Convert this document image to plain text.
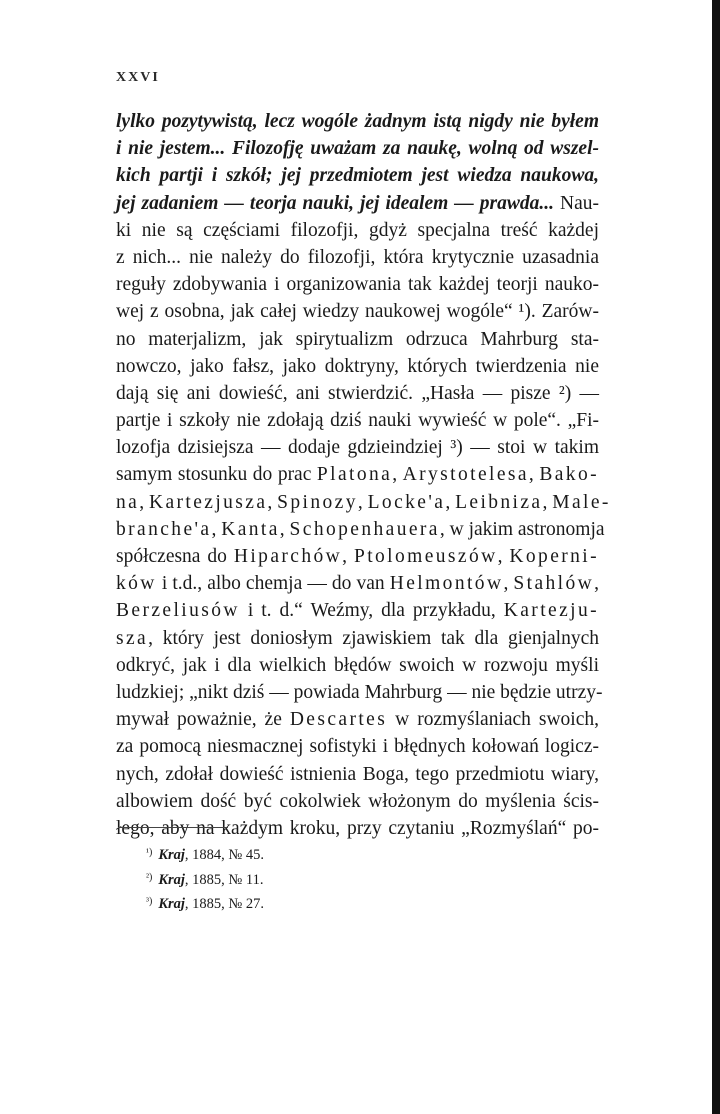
XXVI
lylko pozytywistą, lecz wogóle żadnym istą nigdy nie byłem
i nie jestem... Filozofję uważam za naukę, wolną od wszel-
kich partji i szkół; jej przedmiotem jest wiedza naukowa,
jej zadaniem — teorja nauki, jej idealem — prawda... Nau-
ki nie są częściami filozofji, gdyż specjalna treść każdej
z nich... nie należy do filozofji, która krytycznie uzasadnia
reguły zdobywania i organizowania tak każdej teorji nauko-
wej z osobna, jak całej wiedzy naukowej wogóle“ ¹). Zarów-
no materjalizm, jak spirytualizm odrzuca Mahrburg sta-
nowczo, jako fałsz, jako doktryny, których twierdzenia nie
dają się ani dowieść, ani stwierdzić. „Hasła — pisze ²) —
partje i szkoły nie zdołają dziś nauki wywieść w pole“. „Fi-
lozofja dzisiejsza — dodaje gdzieindziej ³) — stoi w takim
samym stosunku do prac Platona, Arystotelesa, Bako-
na, Kartezjusza, Spinozy, Locke'a, Leibniza, Male-
branche'a, Kanta, Schopenhauera, w jakim astronomja
spółczesna do Hiparchów, Ptolomeuszów, Koperni-
ków i t.d., albo chemja — do van Helmontów, Stahlów,
Berzeliusów i t. d.“ Weźmy, dla przykładu, Kartezju-
sza, który jest doniosłym zjawiskiem tak dla gienjalnych
odkryć, jak i dla wielkich błędów swoich w rozwoju myśli
ludzkiej; „nikt dziś — powiada Mahrburg — nie będzie utrzy-
mywał poważnie, że Descartes w rozmyślaniach swoich,
za pomocą niesmacznej sofistyki i błędnych kołowań logicz-
nych, zdołał dowieść istnienia Boga, tego przedmiotu wiary,
albowiem dość być cokolwiek włożonym do myślenia ścis-
łego, aby na każdym kroku, przy czytaniu „Rozmyślań“ po-
$^{^1)}$ Kraj, 1884, № 45.
$^{^2)}$ Kraj, 1885, № 11.
$^{^3)}$ Kraj, 1885, № 27.
